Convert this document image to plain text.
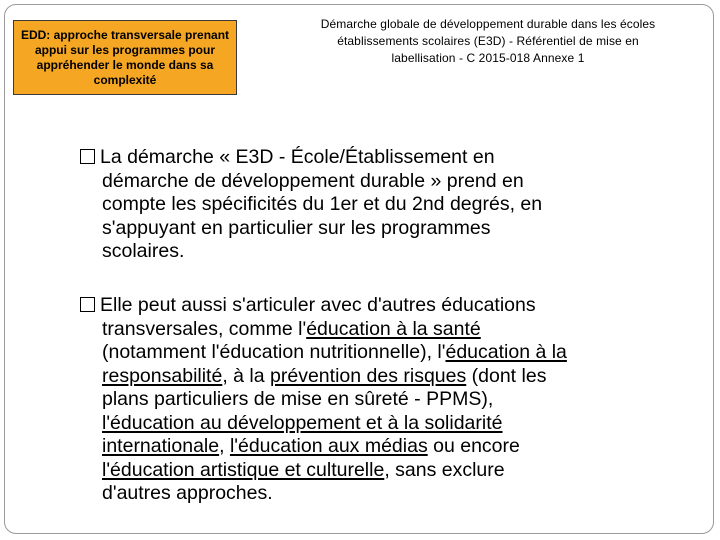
EDD: approche transversale prenant appui sur les programmes pour appréhender le monde dans sa complexité
Démarche globale de développement durable dans les écoles
établissements scolaires (E3D) - Référentiel de mise en
labellisation - C 2015-018 Annexe 1
La démarche « E3D - École/Établissement en
démarche de développement durable » prend en
compte les spécificités du 1er et du 2nd degrés, en
s'appuyant en particulier sur les programmes
scolaires.
Elle peut aussi s'articuler avec d'autres éducations
transversales, comme l'éducation à la santé
(notamment l'éducation nutritionnelle), l'éducation à la
responsabilité, à la prévention des risques (dont les
plans particuliers de mise en sûreté - PPMS),
l'éducation au développement et à la solidarité
internationale, l'éducation aux médias ou encore
l'éducation artistique et culturelle, sans exclure
d'autres approches.
